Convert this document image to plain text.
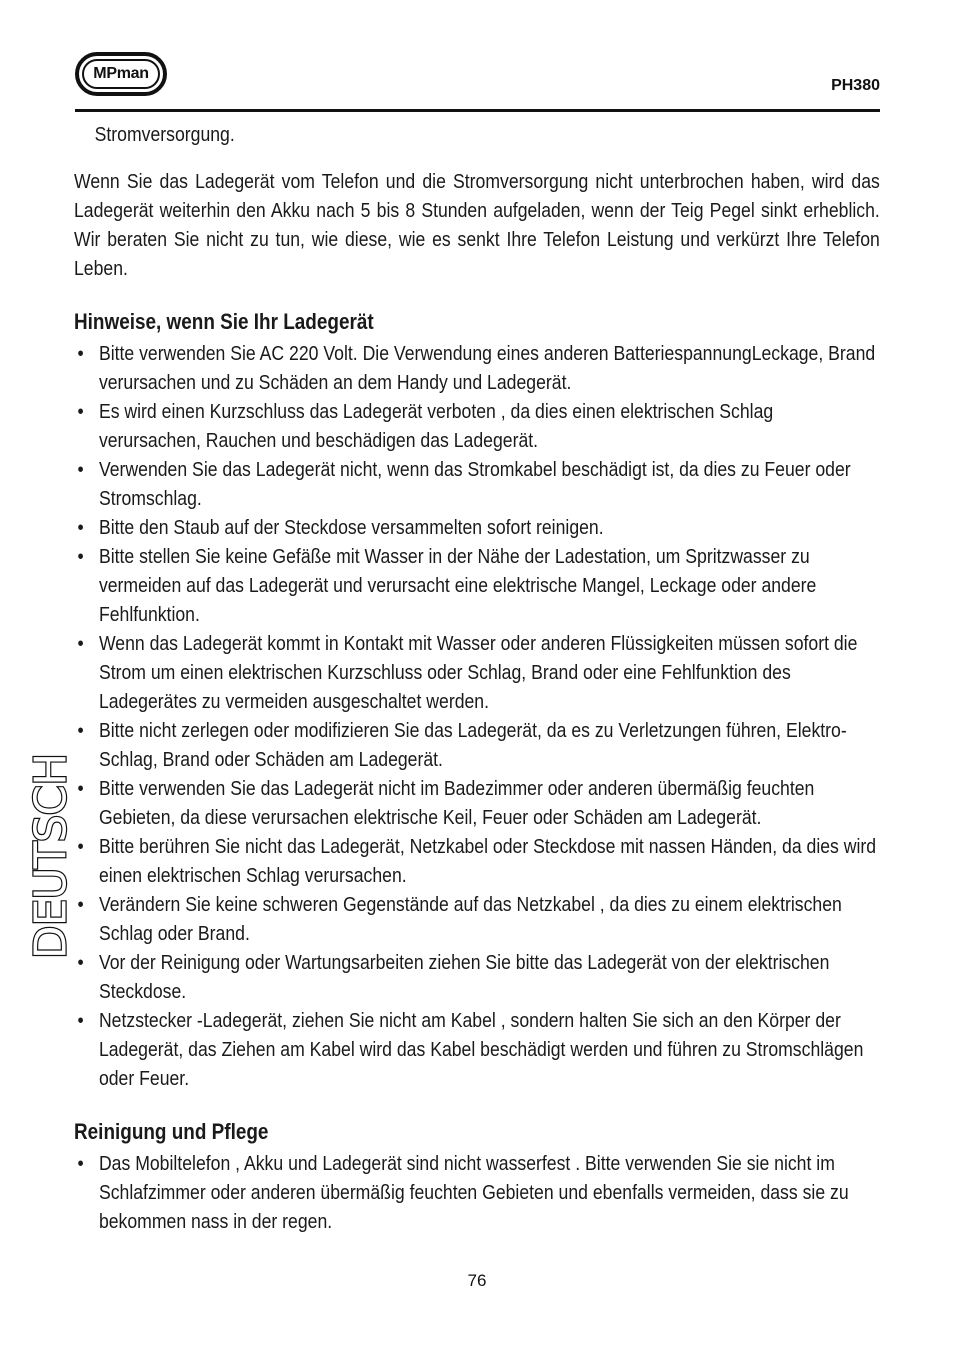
MPman
PH380
DEUTSCH

Stromversorgung.

Wenn Sie das Ladegerät vom Telefon und die Stromversorgung nicht unterbrochen haben, wird das Ladegerät weiterhin den Akku nach 5 bis 8 Stunden aufgeladen, wenn der Teig Pegel sinkt erheblich. Wir beraten Sie nicht zu tun, wie diese, wie es senkt Ihre Telefon Leistung und verkürzt Ihre Telefon Leben.

Hinweise, wenn Sie Ihr Ladegerät
• Bitte verwenden Sie AC 220 Volt. Die Verwendung eines anderen BatteriespannungLeckage, Brand verursachen und zu Schäden an dem Handy und Ladegerät.
• Es wird einen Kurzschluss das Ladegerät verboten , da dies einen elektrischen Schlag verursachen, Rauchen und beschädigen das Ladegerät.
• Verwenden Sie das Ladegerät nicht, wenn das Stromkabel beschädigt ist, da dies zu Feuer oder Stromschlag.
• Bitte den Staub auf der Steckdose versammelten sofort reinigen.
• Bitte stellen Sie keine Gefäße mit Wasser in der Nähe der Ladestation, um Spritzwasser zu vermeiden auf das Ladegerät und verursacht eine elektrische Mangel, Leckage oder andere Fehlfunktion.
• Wenn das Ladegerät kommt in Kontakt mit Wasser oder anderen Flüssigkeiten müssen sofort die Strom um einen elektrischen Kurzschluss oder Schlag, Brand oder eine Fehlfunktion des Ladegerätes zu vermeiden ausgeschaltet werden.
• Bitte nicht zerlegen oder modifizieren Sie das Ladegerät, da es zu Verletzungen führen, Elektro-Schlag, Brand oder Schäden am Ladegerät.
• Bitte verwenden Sie das Ladegerät nicht im Badezimmer oder anderen übermäßig feuchten Gebieten, da diese verursachen elektrische Keil, Feuer oder Schäden am Ladegerät.
• Bitte berühren Sie nicht das Ladegerät, Netzkabel oder Steckdose mit nassen Händen, da dies wird einen elektrischen Schlag verursachen.
• Verändern Sie keine schweren Gegenstände auf das Netzkabel , da dies zu einem elektrischen Schlag oder Brand.
• Vor der Reinigung oder Wartungsarbeiten ziehen Sie bitte das Ladegerät von der elektrischen Steckdose.
• Netzstecker -Ladegerät, ziehen Sie nicht am Kabel , sondern halten Sie sich an den Körper der Ladegerät, das Ziehen am Kabel wird das Kabel beschädigt werden und führen zu Stromschlägen oder Feuer.
Reinigung und Pflege
• Das Mobiltelefon , Akku und Ladegerät sind nicht wasserfest . Bitte verwenden Sie sie nicht im Schlafzimmer oder anderen übermäßig feuchten Gebieten und ebenfalls vermeiden, dass sie zu bekommen nass in der regen.
76
